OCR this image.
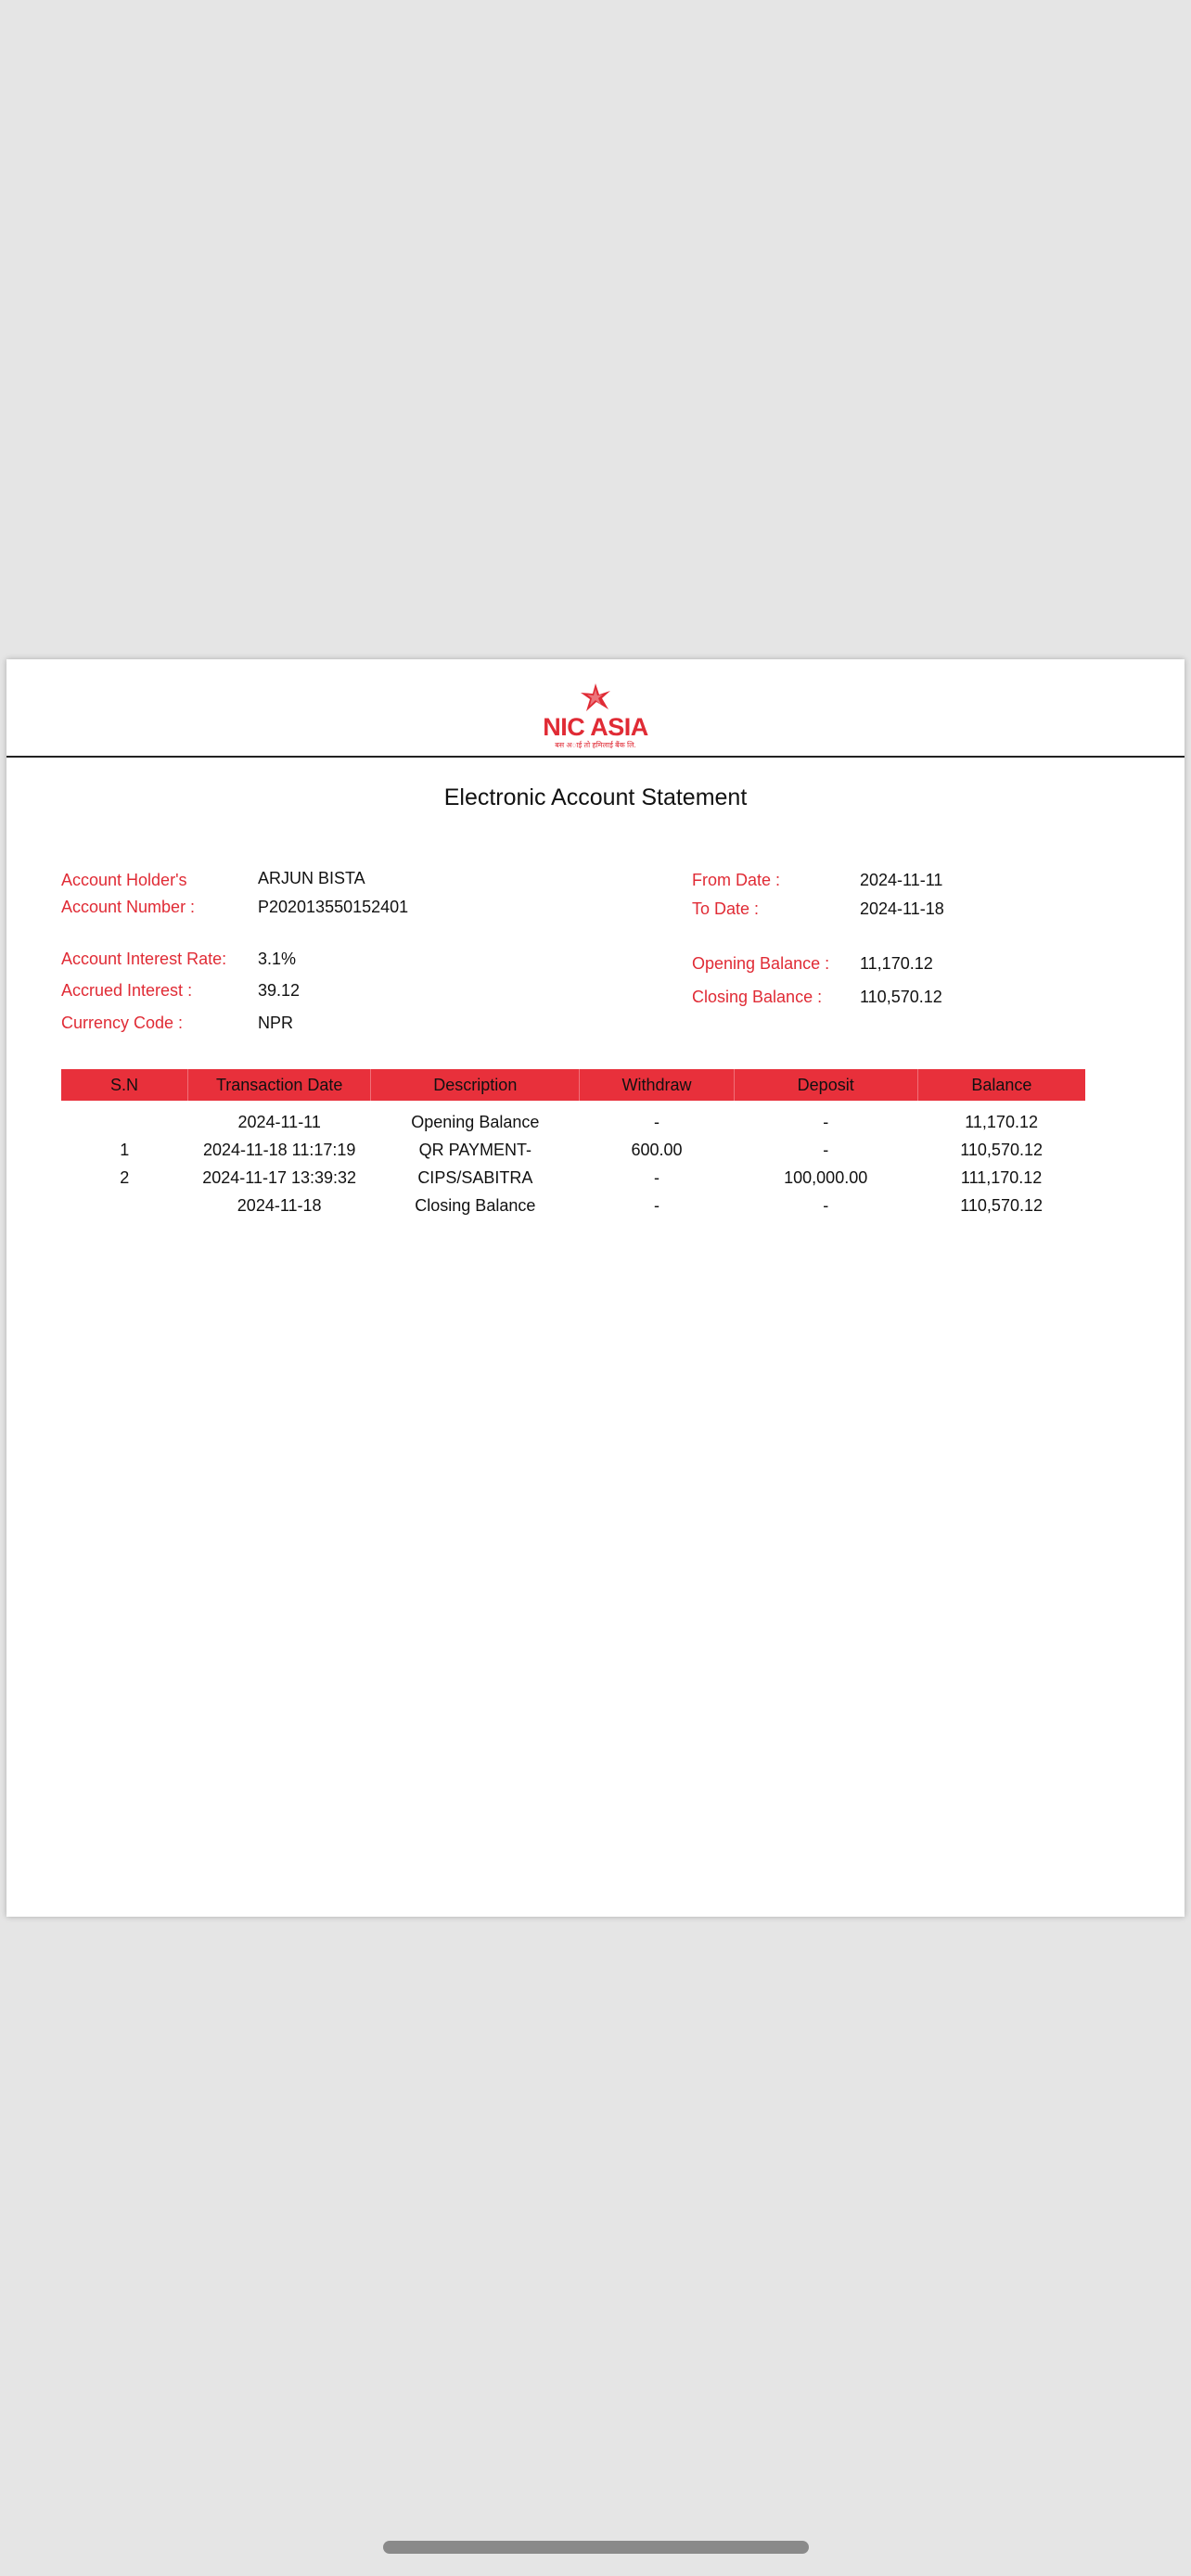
NIC ASIA
बस अाई तो हमिलाई बैंक लि.
Electronic Account Statement
Account Holder's	ARJUN BISTA
Account Number :	P202013550152401
Account Interest Rate: 3.1%
Accrued Interest :	39.12
Currency Code :	NPR
From Date :	2024-11-11
To Date :	2024-11-18
Opening Balance : 11,170.12
Closing Balance : 110,570.12
S.N	Transaction Date	Description	Withdraw	Deposit	Balance
	2024-11-11	Opening Balance	-	-	11,170.12
1	2024-11-18 11:17:19	QR PAYMENT-	600.00	-	110,570.12
2	2024-11-17 13:39:32	CIPS/SABITRA	-	100,000.00	111,170.12
	2024-11-18	Closing Balance	-	-	110,570.12
